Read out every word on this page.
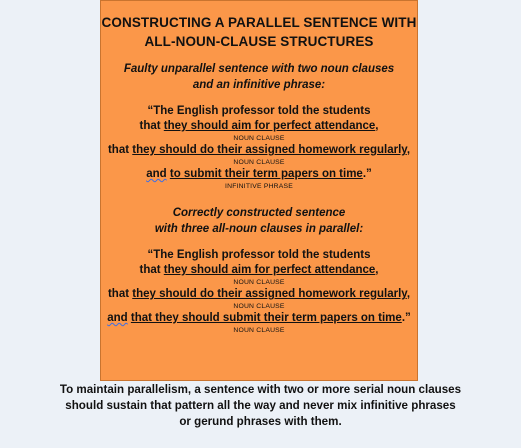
CONSTRUCTING A PARALLEL SENTENCE WITH
ALL-NOUN-CLAUSE STRUCTURES
Faulty unparallel sentence with two noun clauses
and an infinitive phrase:
“The English professor told the students
that they should aim for perfect attendance,
NOUN CLAUSE
that they should do their assigned homework regularly,
NOUN CLAUSE
and to submit their term papers on time.”
INFINITIVE PHRASE
Correctly constructed sentence
with three all-noun clauses in parallel:
“The English professor told the students
that they should aim for perfect attendance,
NOUN CLAUSE
that they should do their assigned homework regularly,
NOUN CLAUSE
and that they should submit their term papers on time.”
NOUN CLAUSE
To maintain parallelism, a sentence with two or more serial noun clauses
should sustain that pattern all the way and never mix infinitive phrases
or gerund phrases with them.
